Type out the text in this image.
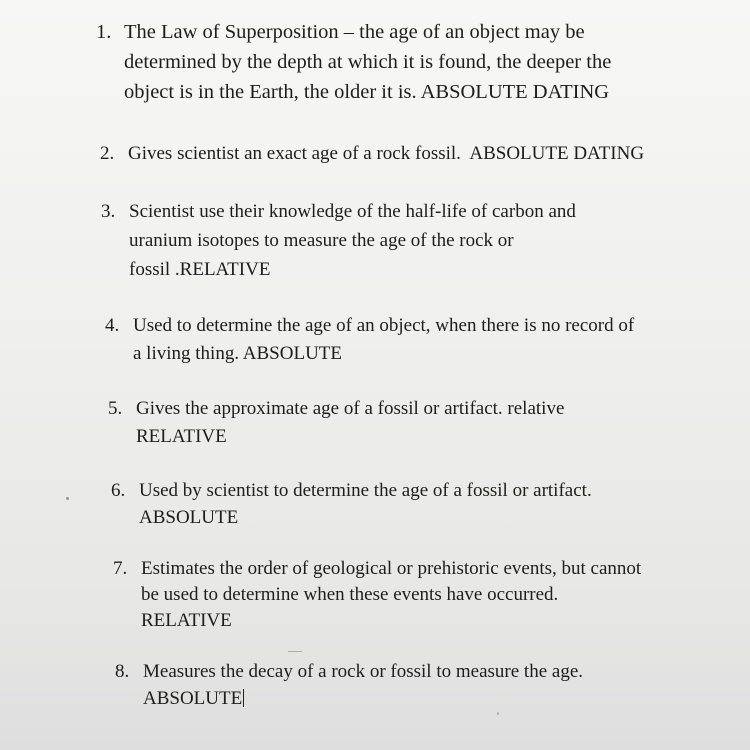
1. The Law of Superposition – the age of an object may be
determined by the depth at which it is found, the deeper the
object is in the Earth, the older it is. ABSOLUTE DATING
2. Gives scientist an exact age of a rock fossil.  ABSOLUTE DATING
3. Scientist use their knowledge of the half-life of carbon and
uranium isotopes to measure the age of the rock or
fossil .RELATIVE
4. Used to determine the age of an object, when there is no record of
a living thing. ABSOLUTE
5. Gives the approximate age of a fossil or artifact. relative
RELATIVE
6. Used by scientist to determine the age of a fossil or artifact.
ABSOLUTE
7. Estimates the order of geological or prehistoric events, but cannot
be used to determine when these events have occurred.
RELATIVE
8. Measures the decay of a rock or fossil to measure the age.
ABSOLUTE
